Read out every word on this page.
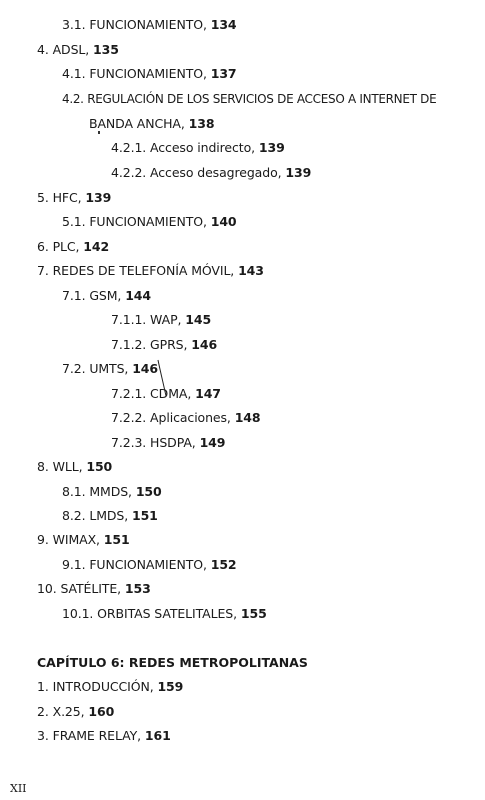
3.1. FUNCIONAMIENTO, 134
4. ADSL, 135
4.1. FUNCIONAMIENTO, 137
4.2. REGULACIÓN DE LOS SERVICIOS DE ACCESO A INTERNET DE
BANDA ANCHA, 138
4.2.1. Acceso indirecto, 139
4.2.2. Acceso desagregado, 139
5. HFC, 139
5.1. FUNCIONAMIENTO, 140
6. PLC, 142
7. REDES DE TELEFONÍA MÓVIL, 143
7.1. GSM, 144
7.1.1. WAP, 145
7.1.2. GPRS, 146
7.2. UMTS, 146
7.2.1. CDMA, 147
7.2.2. Aplicaciones, 148
7.2.3. HSDPA, 149
8. WLL, 150
8.1. MMDS, 150
8.2. LMDS, 151
9. WIMAX, 151
9.1. FUNCIONAMIENTO, 152
10. SATÉLITE, 153
10.1. ORBITAS SATELITALES, 155
CAPÍTULO 6: REDES METROPOLITANAS
1. INTRODUCCIÓN, 159
2. X.25, 160
3. FRAME RELAY, 161
XII
